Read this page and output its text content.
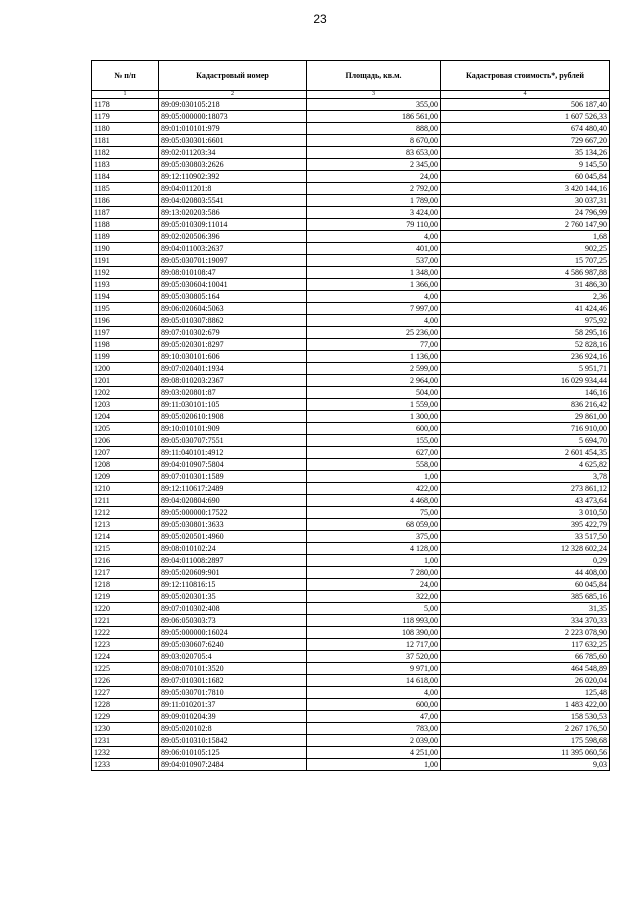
23
№ п/п	Кадастровый номер	Площадь, кв.м.	Кадастровая стоимость*, рублей
1	2	3	4
1178	89:09:030105:218	355,00	506 187,40
1179	89:05:000000:18073	186 561,00	1 607 526,33
1180	89:01:010101:979	888,00	674 480,40
1181	89:05:030301:6601	8 670,00	729 667,20
1182	89:02:011203:34	83 653,00	35 134,26
1183	89:05:030803:2626	2 345,00	9 145,50
1184	89:12:110902:392	24,00	60 045,84
1185	89:04:011201:8	2 792,00	3 420 144,16
1186	89:04:020803:5541	1 789,00	30 037,31
1187	89:13:020203:586	3 424,00	24 796,99
1188	89:05:010309:11014	79 110,00	2 760 147,90
1189	89:02:020506:396	4,00	1,68
1190	89:04:011003:2637	401,00	902,25
1191	89:05:030701:19097	537,00	15 707,25
1192	89:08:010108:47	1 348,00	4 586 987,88
1193	89:05:030604:10041	1 366,00	31 486,30
1194	89:05:030805:164	4,00	2,36
1195	89:06:020604:5063	7 997,00	41 424,46
1196	89:05:010307:8862	4,00	975,92
1197	89:07:010302:679	25 236,00	58 295,16
1198	89:05:020301:8297	77,00	52 828,16
1199	89:10:030101:606	1 136,00	236 924,16
1200	89:07:020401:1934	2 599,00	5 951,71
1201	89:08:010203:2367	2 964,00	16 029 934,44
1202	89:03:020801:87	504,00	146,16
1203	89:11:030101:105	1 559,00	836 216,42
1204	89:05:020610:1908	1 300,00	29 861,00
1205	89:10:010101:909	600,00	716 910,00
1206	89:05:030707:7551	155,00	5 694,70
1207	89:11:040101:4912	627,00	2 601 454,35
1208	89:04:010907:5804	558,00	4 625,82
1209	89:07:010301:1589	1,00	3,78
1210	89:12:110617:2489	422,00	273 861,12
1211	89:04:020804:690	4 468,00	43 473,64
1212	89:05:000000:17522	75,00	3 010,50
1213	89:05:030801:3633	68 059,00	395 422,79
1214	89:05:020501:4960	375,00	33 517,50
1215	89:08:010102:24	4 128,00	12 328 602,24
1216	89:04:011008:2897	1,00	0,29
1217	89:05:020609:901	7 280,00	44 408,00
1218	89:12:110816:15	24,00	60 045,84
1219	89:05:020301:35	322,00	385 685,16
1220	89:07:010302:408	5,00	31,35
1221	89:06:050303:73	118 993,00	334 370,33
1222	89:05:000000:16024	108 390,00	2 223 078,90
1223	89:05:030607:6240	12 717,00	117 632,25
1224	89:03:020705:4	37 520,00	66 785,60
1225	89:08:070101:3520	9 971,00	464 548,89
1226	89:07:010301:1682	14 618,00	26 020,04
1227	89:05:030701:7810	4,00	125,48
1228	89:11:010201:37	600,00	1 483 422,00
1229	89:09:010204:39	47,00	158 530,53
1230	89:05:020102:8	783,00	2 267 176,50
1231	89:05:010310:15842	2 039,00	175 598,68
1232	89:06:010105:125	4 251,00	11 395 060,56
1233	89:04:010907:2484	1,00	9,03
